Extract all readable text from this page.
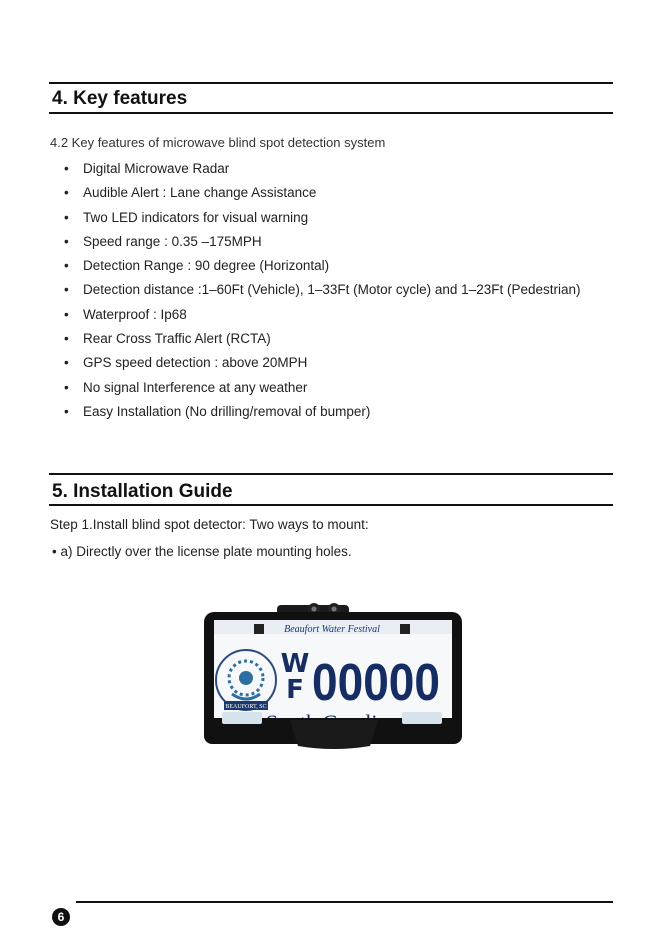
4. Key features
4.2 Key features of microwave blind spot detection system
• Digital Microwave Radar
• Audible Alert : Lane change Assistance
• Two LED indicators for visual warning
• Speed range : 0.35 –175MPH
• Detection Range : 90 degree (Horizontal)
• Detection distance :1–60Ft (Vehicle), 1–33Ft (Motor cycle) and 1–23Ft (Pedestrian)
• Waterproof : Ip68
• Rear Cross Traffic Alert (RCTA)
• GPS speed detection : above 20MPH
• No signal Interference at any weather
• Easy Installation (No drilling/removal of bumper)
5. Installation Guide
Step 1.Install blind spot detector: Two ways to mount:
• a) Directly over the license plate mounting holes.
Beaufort Water Festival
BEAUFORT, SC
W
F 00000
6
